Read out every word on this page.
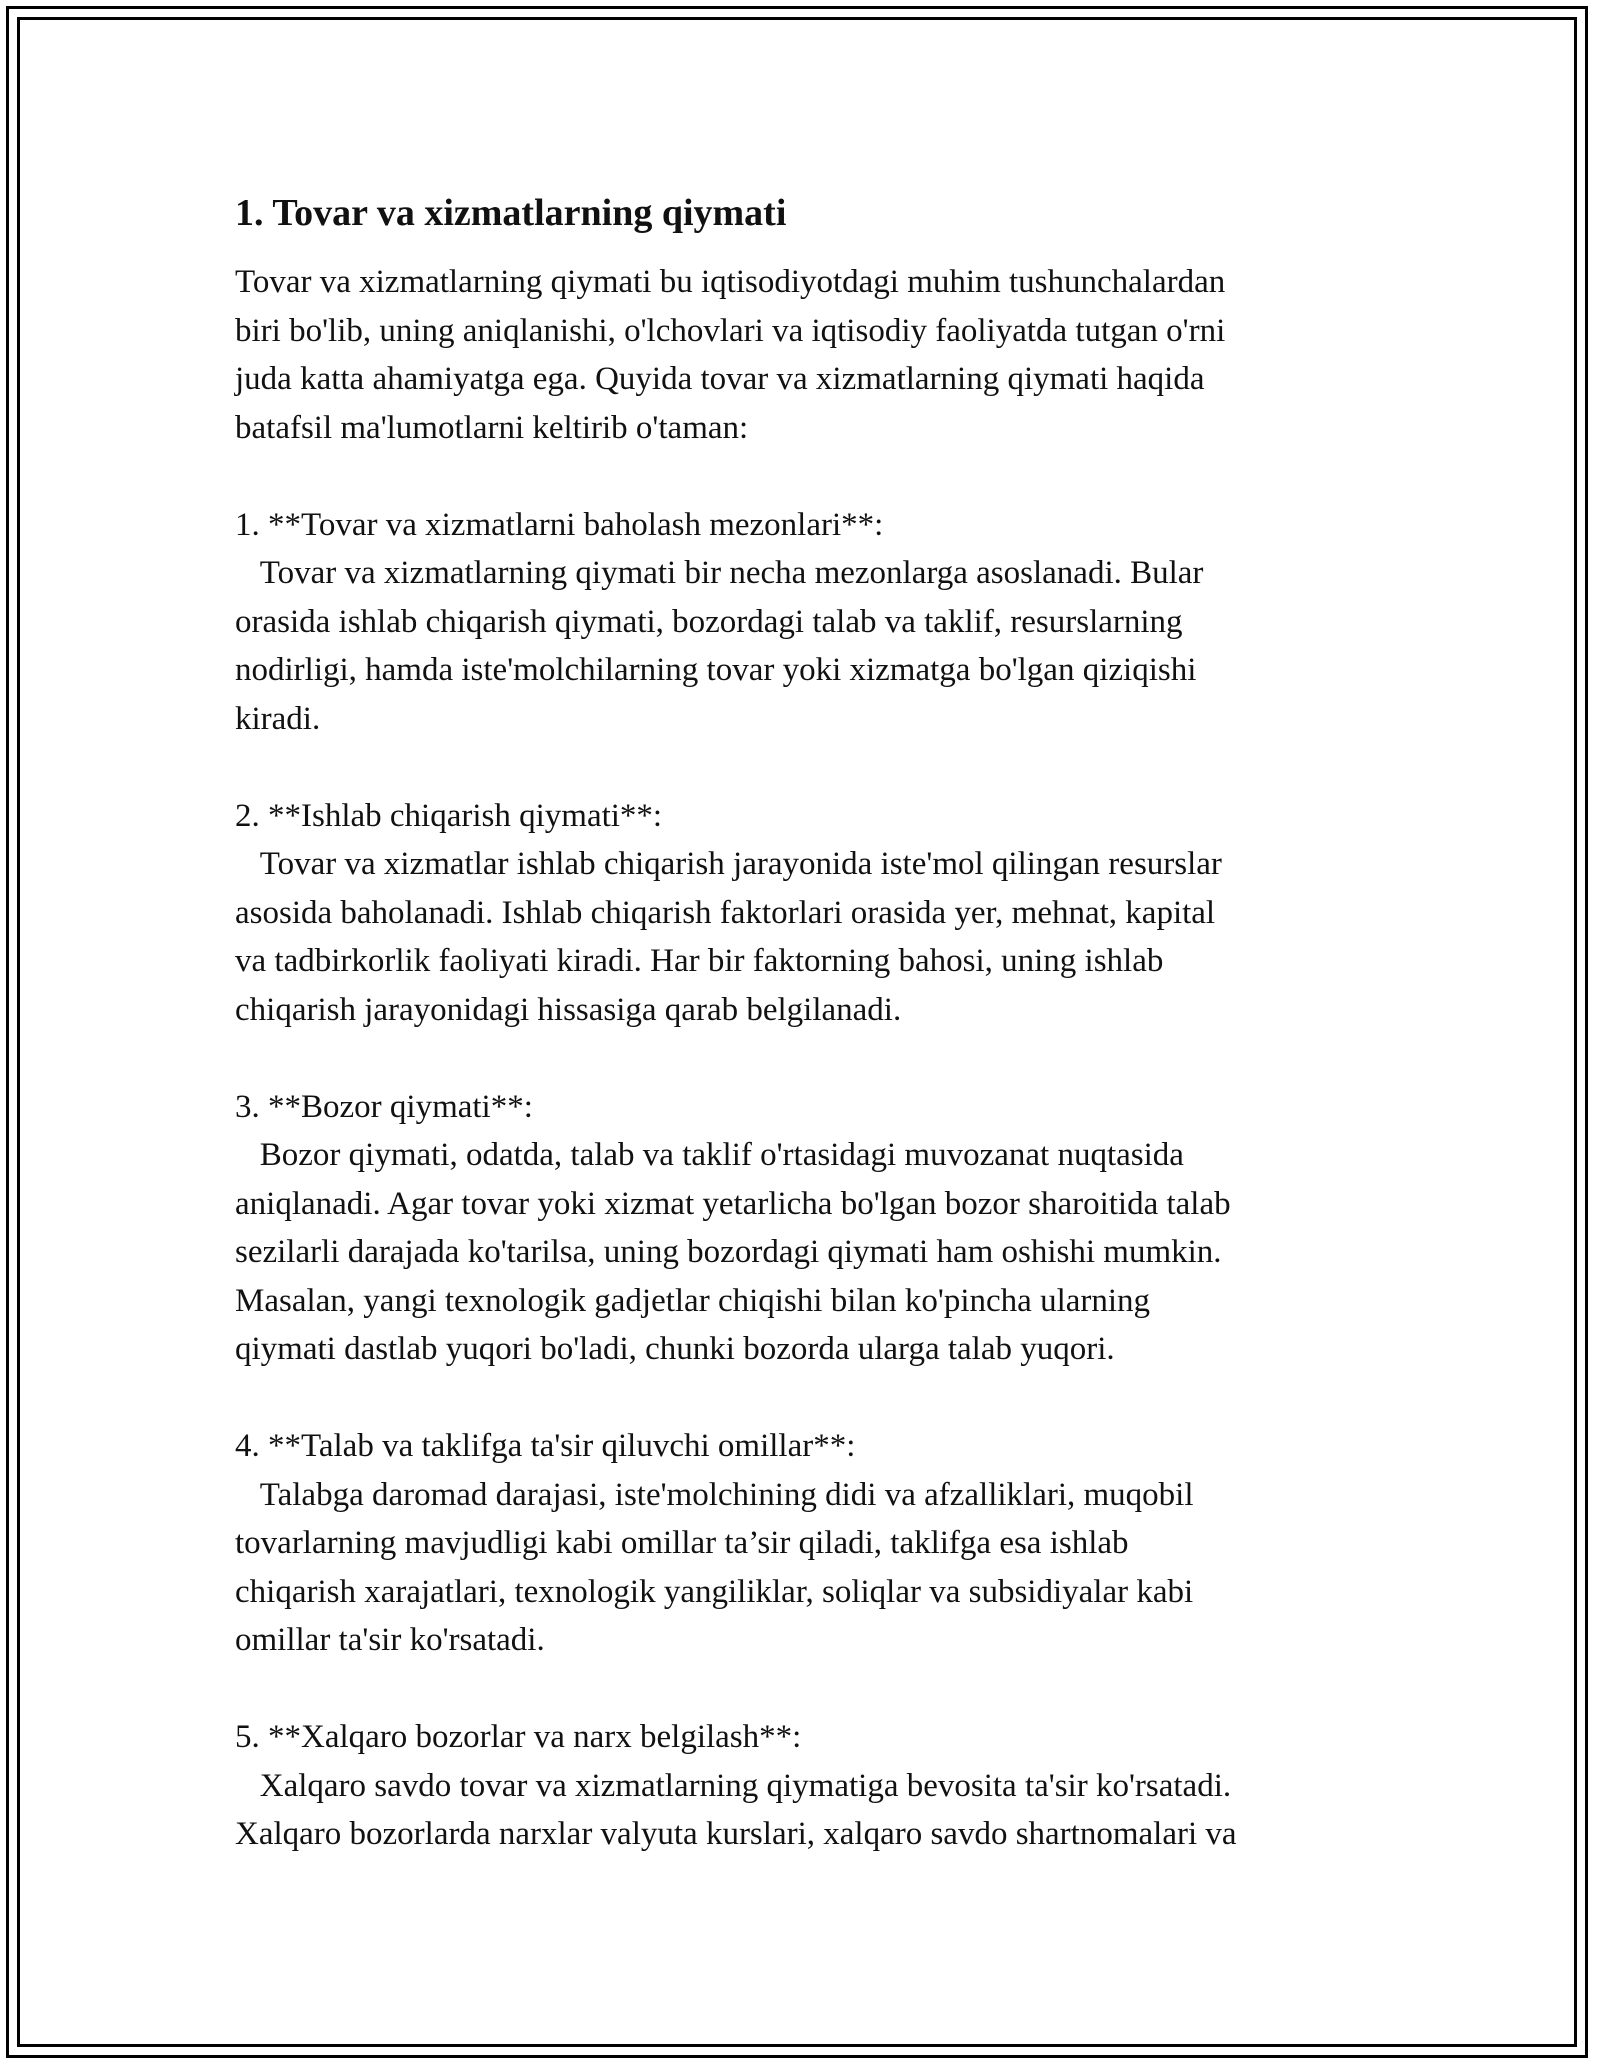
1. Tovar va xizmatlarning qiymati
Tovar va xizmatlarning qiymati bu iqtisodiyotdagi muhim tushunchalardan
biri bo'lib, uning aniqlanishi, o'lchovlari va iqtisodiy faoliyatda tutgan o'rni
juda katta ahamiyatga ega. Quyida tovar va xizmatlarning qiymati haqida
batafsil ma'lumotlarni keltirib o'taman:
1. **Tovar va xizmatlarni baholash mezonlari**:
Tovar va xizmatlarning qiymati bir necha mezonlarga asoslanadi. Bular
orasida ishlab chiqarish qiymati, bozordagi talab va taklif, resurslarning
nodirligi, hamda iste'molchilarning tovar yoki xizmatga bo'lgan qiziqishi
kiradi.
2. **Ishlab chiqarish qiymati**:
Tovar va xizmatlar ishlab chiqarish jarayonida iste'mol qilingan resurslar
asosida baholanadi. Ishlab chiqarish faktorlari orasida yer, mehnat, kapital
va tadbirkorlik faoliyati kiradi. Har bir faktorning bahosi, uning ishlab
chiqarish jarayonidagi hissasiga qarab belgilanadi.
3. **Bozor qiymati**:
Bozor qiymati, odatda, talab va taklif o'rtasidagi muvozanat nuqtasida
aniqlanadi. Agar tovar yoki xizmat yetarlicha bo'lgan bozor sharoitida talab
sezilarli darajada ko'tarilsa, uning bozordagi qiymati ham oshishi mumkin.
Masalan, yangi texnologik gadjetlar chiqishi bilan ko'pincha ularning
qiymati dastlab yuqori bo'ladi, chunki bozorda ularga talab yuqori.
4. **Talab va taklifga ta'sir qiluvchi omillar**:
Talabga daromad darajasi, iste'molchining didi va afzalliklari, muqobil
tovarlarning mavjudligi kabi omillar ta’sir qiladi, taklifga esa ishlab
chiqarish xarajatlari, texnologik yangiliklar, soliqlar va subsidiyalar kabi
omillar ta'sir ko'rsatadi.
5. **Xalqaro bozorlar va narx belgilash**:
Xalqaro savdo tovar va xizmatlarning qiymatiga bevosita ta'sir ko'rsatadi.
Xalqaro bozorlarda narxlar valyuta kurslari, xalqaro savdo shartnomalari va
